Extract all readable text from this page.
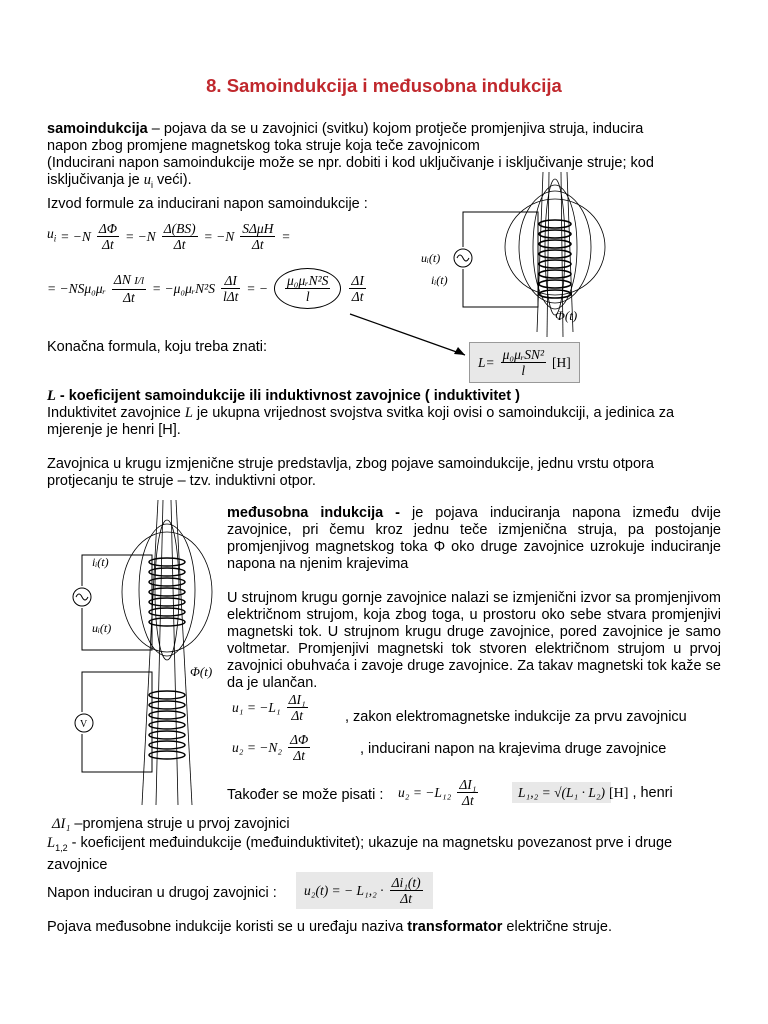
8. Samoindukcija i međusobna indukcija
samoindukcija – pojava da se u zavojnici (svitku) kojom protječe promjenjiva struja, inducira
napon zbog promjene magnetskog toka struje koja teče zavojnicom
(Inducirani napon samoindukcije može se npr. dobiti i kod uključivanje i isključivanje struje; kod
isključivanja je $u_i$ veći).
Izvod formule za inducirani napon samoindukcije :
$u_i = -N \frac{\Delta\Phi}{\Delta t} = -N \frac{\Delta(BS)}{\Delta t} = -N \frac{\text{SΔμH}}{\Delta t}$ =
= −NSμ₀μᵣ $\frac{\text{ΔN I/l}}{\Delta t}$ = −μ₀μᵣN²S $\frac{\Delta I}{\text{lΔt}}$ = − $\frac{\text{μ₀μᵣN²S}}{l} \frac{\Delta I}{\Delta t}$
Konačna formula, koju treba znati:
$L= \frac{\text{μ₀μᵣSN²}}{l} [H]$
uᵢ(t)
iᵢ(t)
Φ(t)
L - koeficijent samoindukcije ili induktivnost zavojnice ( induktivitet )
Induktivitet zavojnice L je ukupna vrijednost svojstva svitka koji ovisi o samoindukciji, a jedinica za
mjerenje je henri [H].
Zavojnica u krugu izmjenične struje predstavlja, zbog pojave samoindukcije, jednu vrstu otpora
protjecanju te struje – tzv. induktivni otpor.
V
iᵢ(t)
uᵢ(t)
Φ(t)
međusobna indukcija - je pojava induciranja napona između dvije zavojnice, pri čemu kroz jednu teče izmjenična struja, pa postojanje promjenjivog magnetskog toka Φ oko druge zavojnice uzrokuje induciranje napona na njenim krajevima
U strujnom krugu gornje zavojnice nalazi se izmjenični izvor sa promjenjivom električnom strujom, koja zbog toga, u prostoru oko sebe stvara promjenjivi magnetski tok. U strujnom krugu druge zavojnice, pored zavojnice je samo voltmetar. Promjenjivi magnetski tok stvoren električnom strujom u prvoj zavojnici obuhvaća i zavoje druge zavojnice. Za takav magnetski tok kaže se da je ulančan.
$u_1 = -L_1 \frac{\text{ΔI₁}}{\Delta t}$	, zakon elektromagnetske indukcije za prvu zavojnicu
$u_2 = -N_2 \frac{\Delta\Phi}{\Delta t}$	, inducirani napon na krajevima druge zavojnice
Također se može pisati : $u_2 = -L_{12} \frac{\text{ΔI₁}}{\Delta t}$	L₁,₂ = √(L₁ · L₂) [H] , henri
ΔI₁ –promjena struje u prvoj zavojnici
$L_{1,2}$ - koeficijent međuindukcije (međuinduktivitet); ukazuje na magnetsku povezanost prve i druge
zavojnice
Napon induciran u drugoj zavojnici : u₂(t) = − $L_1,_2 \cdot \frac{\text{Δi₁(t)}}{\Delta t}$
Pojava međusobne indukcije koristi se u uređaju naziva transformator električne struje.
